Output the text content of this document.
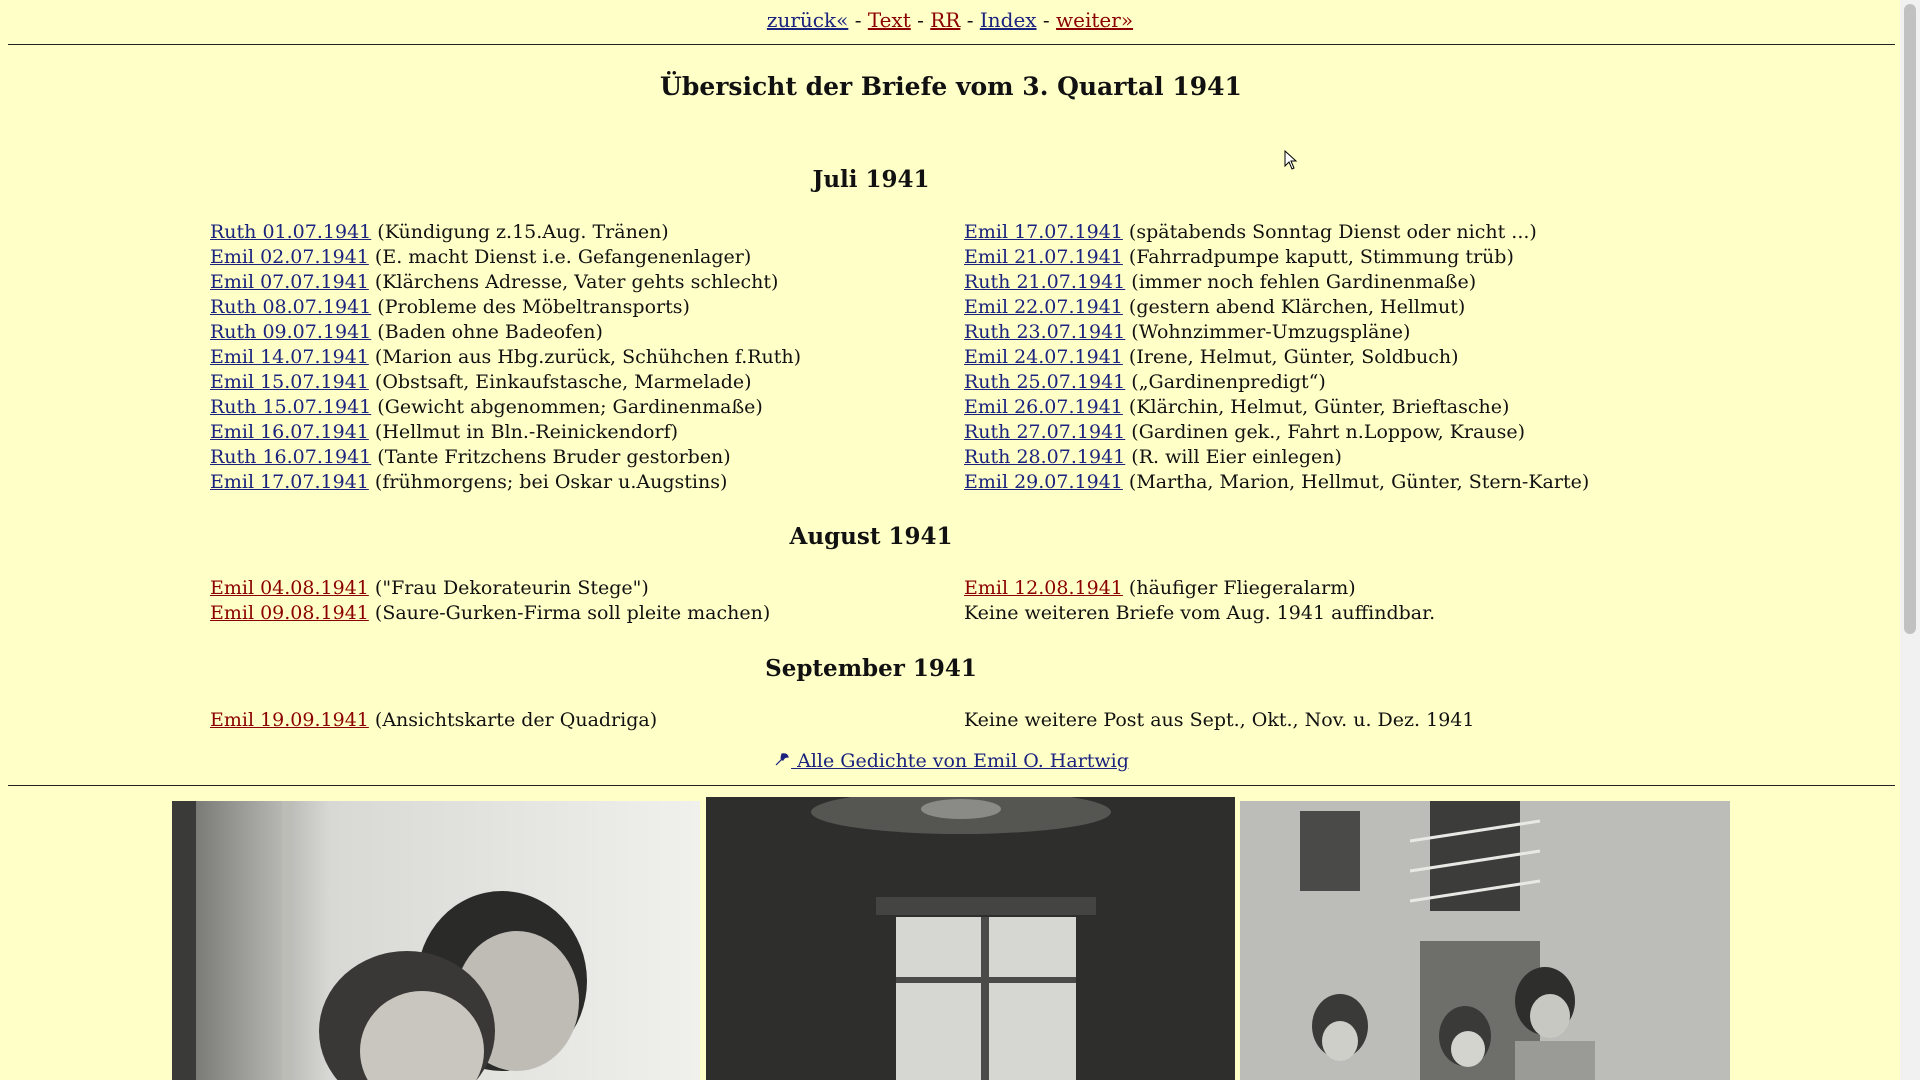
zurück« - Text - RR - Index - weiter»
Übersicht der Briefe vom 3. Quartal 1941
Juli 1941
Ruth 01.07.1941 (Kündigung z.15.Aug. Tränen)
Emil 02.07.1941 (E. macht Dienst i.e. Gefangenenlager)
Emil 07.07.1941 (Klärchens Adresse, Vater gehts schlecht)
Ruth 08.07.1941 (Probleme des Möbeltransports)
Ruth 09.07.1941 (Baden ohne Badeofen)
Emil 14.07.1941 (Marion aus Hbg.zurück, Schühchen f.Ruth)
Emil 15.07.1941 (Obstsaft, Einkaufstasche, Marmelade)
Ruth 15.07.1941 (Gewicht abgenommen; Gardinenmaße)
Emil 16.07.1941 (Hellmut in Bln.-Reinickendorf)
Ruth 16.07.1941 (Tante Fritzchens Bruder gestorben)
Emil 17.07.1941 (frühmorgens; bei Oskar u.Augstins)
Emil 17.07.1941 (spätabends Sonntag Dienst oder nicht ...)
Emil 21.07.1941 (Fahrradpumpe kaputt, Stimmung trüb)
Ruth 21.07.1941 (immer noch fehlen Gardinenmaße)
Emil 22.07.1941 (gestern abend Klärchen, Hellmut)
Ruth 23.07.1941 (Wohnzimmer-Umzugspläne)
Emil 24.07.1941 (Irene, Helmut, Günter, Soldbuch)
Ruth 25.07.1941 („Gardinenpredigt“)
Emil 26.07.1941 (Klärchin, Helmut, Günter, Brieftasche)
Ruth 27.07.1941 (Gardinen gek., Fahrt n.Loppow, Krause)
Ruth 28.07.1941 (R. will Eier einlegen)
Emil 29.07.1941 (Martha, Marion, Hellmut, Günter, Stern-Karte)
August 1941
Emil 04.08.1941 ("Frau Dekorateurin Stege")
Emil 09.08.1941 (Saure-Gurken-Firma soll pleite machen)
Emil 12.08.1941 (häufiger Fliegeralarm)
Keine weiteren Briefe vom Aug. 1941 auffindbar.
September 1941
Emil 19.09.1941 (Ansichtskarte der Quadriga)	Keine weitere Post aus Sept., Okt., Nov. u. Dez. 1941
Alle Gedichte von Emil O. Hartwig
